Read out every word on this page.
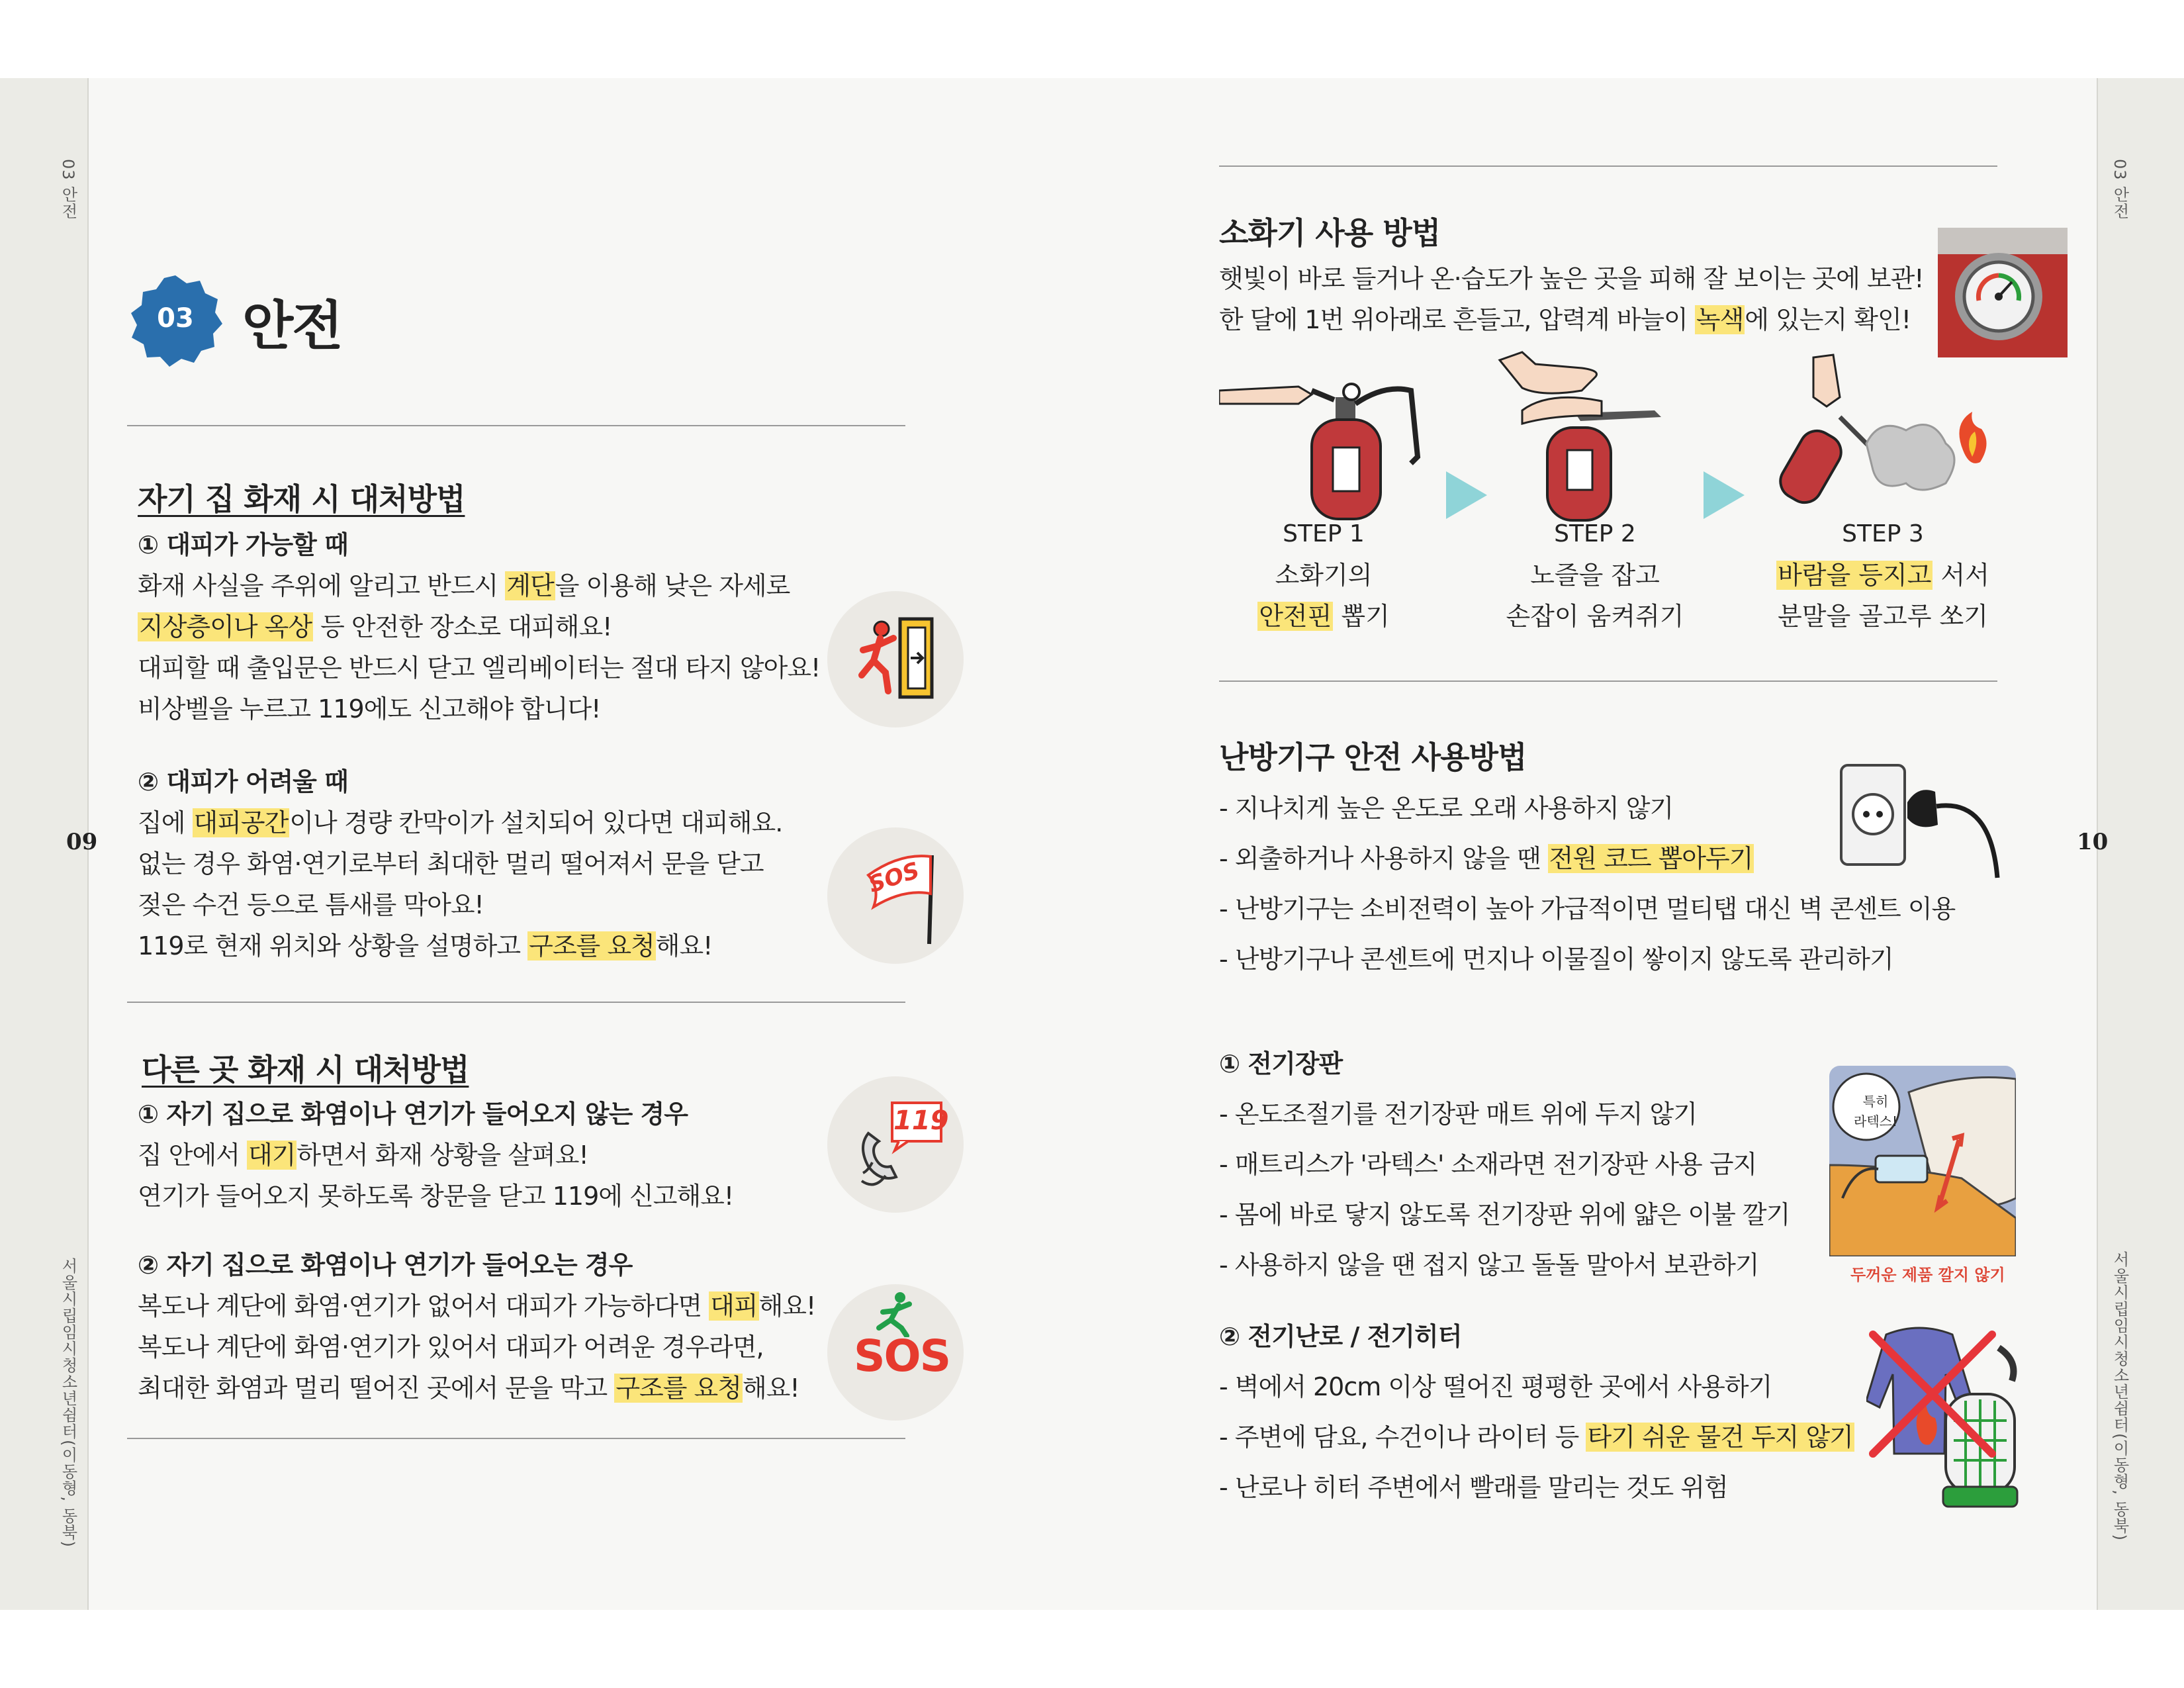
03 안전	03 안전
서울시립임시청소년쉼터(이동형, 동북)	서울시립임시청소년쉼터(이동형, 동북)
09	10
03 안전
자기 집 화재 시 대처방법
① 대피가 가능할 때
화재 사실을 주위에 알리고 반드시 계단을 이용해 낮은 자세로
지상층이나 옥상 등 안전한 장소로 대피해요!
대피할 때 출입문은 반드시 닫고 엘리베이터는 절대 타지 않아요!
비상벨을 누르고 119에도 신고해야 합니다!
② 대피가 어려울 때
집에 대피공간이나 경량 칸막이가 설치되어 있다면 대피해요.
없는 경우 화염·연기로부터 최대한 멀리 떨어져서 문을 닫고
젖은 수건 등으로 틈새를 막아요!
119로 현재 위치와 상황을 설명하고 구조를 요청해요!
SOS
다른 곳 화재 시 대처방법
① 자기 집으로 화염이나 연기가 들어오지 않는 경우
집 안에서 대기하면서 화재 상황을 살펴요!
연기가 들어오지 못하도록 창문을 닫고 119에 신고해요!
119
② 자기 집으로 화염이나 연기가 들어오는 경우
복도나 계단에 화염·연기가 없어서 대피가 가능하다면 대피해요!
복도나 계단에 화염·연기가 있어서 대피가 어려운 경우라면,
최대한 화염과 멀리 떨어진 곳에서 문을 막고 구조를 요청해요!
SOS
소화기 사용 방법
햇빛이 바로 들거나 온·습도가 높은 곳을 피해 잘 보이는 곳에 보관!
한 달에 1번 위아래로 흔들고, 압력계 바늘이 녹색에 있는지 확인!
STEP 1
소화기의
안전핀 뽑기
STEP 2
노즐을 잡고
손잡이 움켜쥐기
STEP 3
바람을 등지고 서서
분말을 골고루 쏘기
난방기구 안전 사용방법
- 지나치게 높은 온도로 오래 사용하지 않기
- 외출하거나 사용하지 않을 땐 전원 코드 뽑아두기
- 난방기구는 소비전력이 높아 가급적이면 멀티탭 대신 벽 콘센트 이용
- 난방기구나 콘센트에 먼지나 이물질이 쌓이지 않도록 관리하기
① 전기장판
- 온도조절기를 전기장판 매트 위에 두지 않기
- 매트리스가 '라텍스' 소재라면 전기장판 사용 금지
- 몸에 바로 닿지 않도록 전기장판 위에 얇은 이불 깔기
- 사용하지 않을 땐 접지 않고 돌돌 말아서 보관하기
특히
라텍스!
두꺼운 제품 깔지 않기
② 전기난로 / 전기히터
- 벽에서 20cm 이상 떨어진 평평한 곳에서 사용하기
- 주변에 담요, 수건이나 라이터 등 타기 쉬운 물건 두지 않기
- 난로나 히터 주변에서 빨래를 말리는 것도 위험
